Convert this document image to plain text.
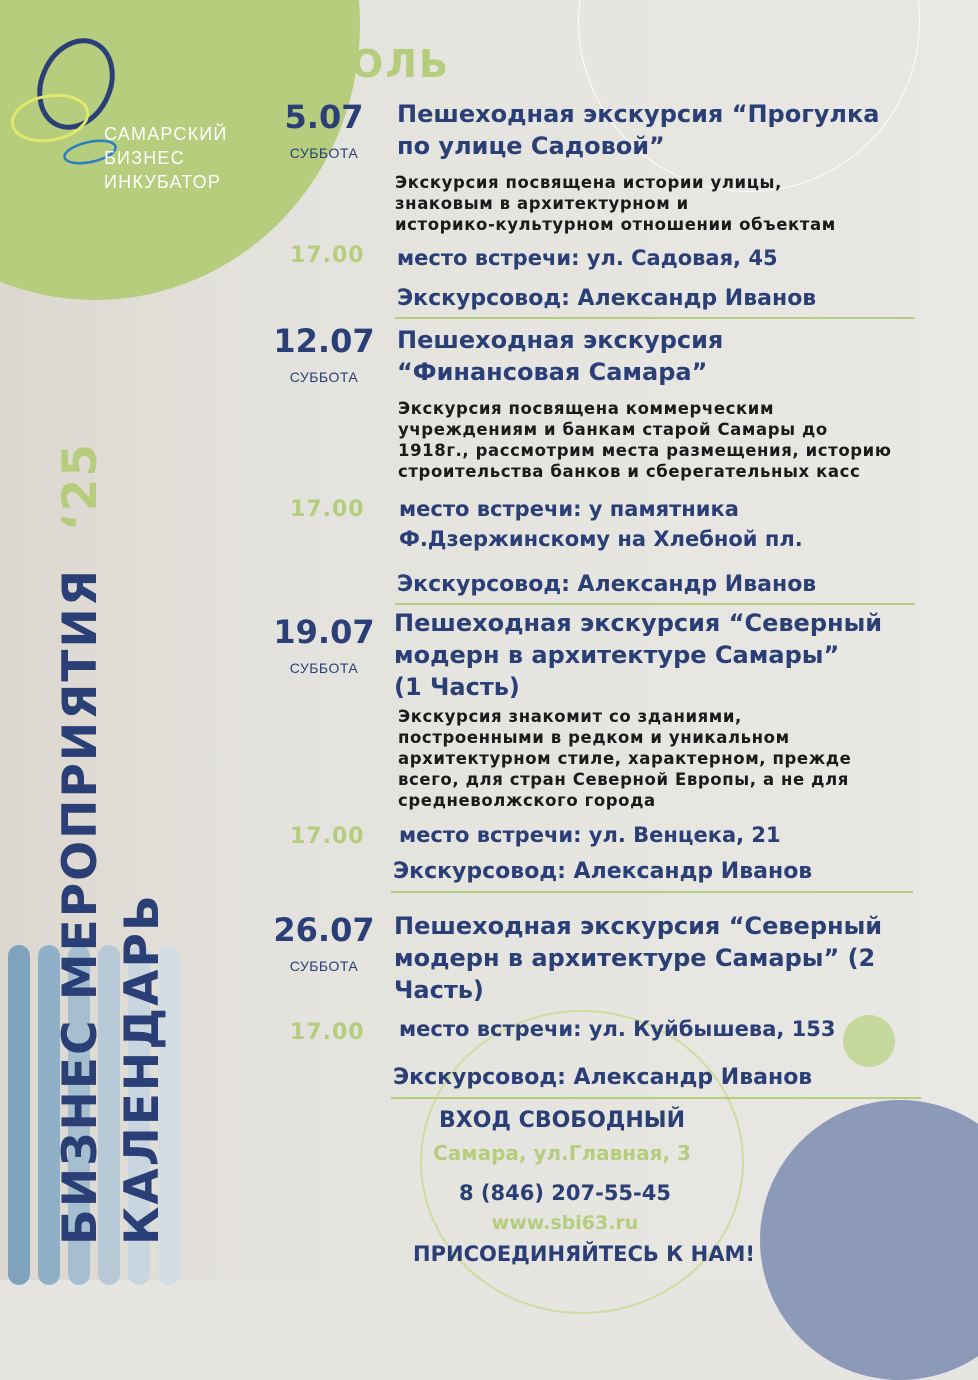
САМАРСКИЙ
БИЗНЕС
ИНКУБАТОР
БИЗНЕС МЕРОПРИЯТИЯ  ‘25
КАЛЕНДАРЬ
ИЮЛЬ
5.07
СУББОТА
Пешеходная экскурсия “Прогулка
по улице Садовой”
Экскурсия посвящена истории улицы,
знаковым в архитектурном и
историко-культурном отношении объектам
17.00 место встречи: ул. Садовая, 45
Экскурсовод: Александр Иванов
12.07
СУББОТА
Пешеходная экскурсия
“Финансовая Самара”
Экскурсия посвящена коммерческим
учреждениям и банкам старой Самары до
1918г., рассмотрим места размещения, историю
строительства банков и сберегательных касс
17.00 место встречи: у памятника
Ф.Дзержинскому на Хлебной пл.
Экскурсовод: Александр Иванов
19.07
СУББОТА
Пешеходная экскурсия “Северный
модерн в архитектуре Самары”
(1 Часть)
Экскурсия знакомит со зданиями,
построенными в редком и уникальном
архитектурном стиле, характерном, прежде
всего, для стран Северной Европы, а не для
средневолжского города
17.00 место встречи: ул. Венцека, 21
Экскурсовод: Александр Иванов
26.07
СУББОТА
Пешеходная экскурсия “Северный
модерн в архитектуре Самары” (2
Часть)
17.00 место встречи: ул. Куйбышева, 153
Экскурсовод: Александр Иванов
ВХОД СВОБОДНЫЙ
Самара, ул.Главная, 3
8 (846) 207-55-45
www.sbi63.ru
ПРИСОЕДИНЯЙТЕСЬ К НАМ!
